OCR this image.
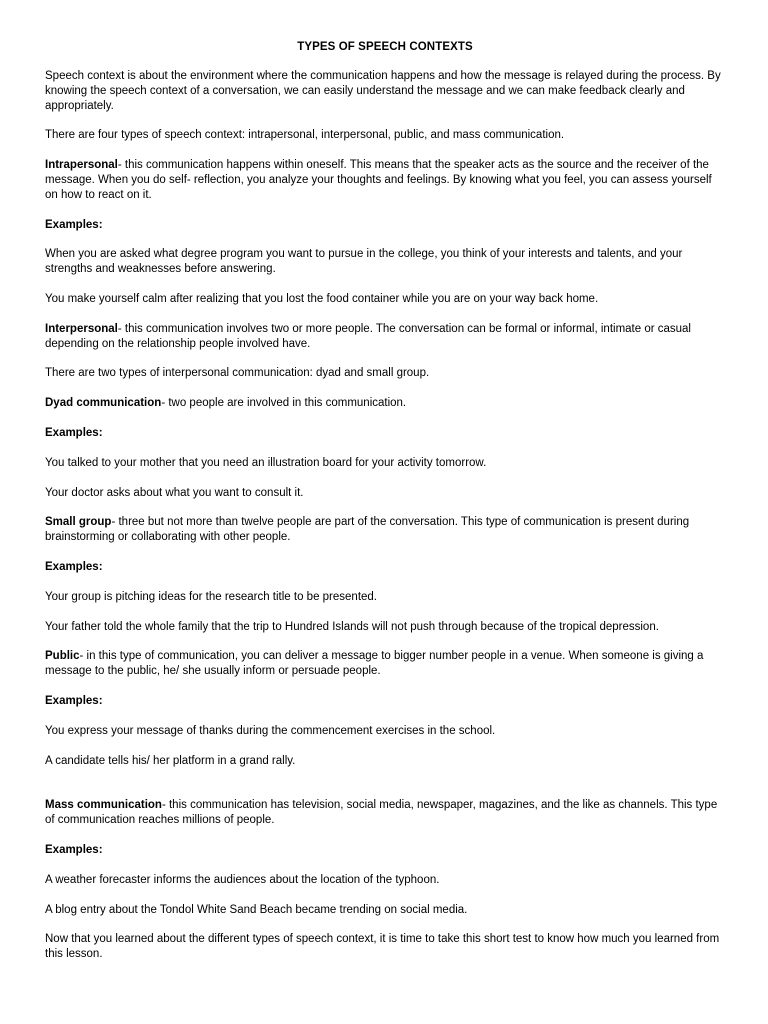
TYPES OF SPEECH CONTEXTS

Speech context is about the environment where the communication happens and how the message is relayed during the process. By knowing the speech context of a conversation, we can easily understand the message and we can make feedback clearly and appropriately.

There are four types of speech context: intrapersonal, interpersonal, public, and mass communication.

Intrapersonal- this communication happens within oneself. This means that the speaker acts as the source and the receiver of the message. When you do self- reflection, you analyze your thoughts and feelings. By knowing what you feel, you can assess yourself on how to react on it.

Examples:

When you are asked what degree program you want to pursue in the college, you think of your interests and talents, and your strengths and weaknesses before answering.

You make yourself calm after realizing that you lost the food container while you are on your way back home.

Interpersonal- this communication involves two or more people. The conversation can be formal or informal, intimate or casual depending on the relationship people involved have.

There are two types of interpersonal communication: dyad and small group.

Dyad communication- two people are involved in this communication.

Examples:

You talked to your mother that you need an illustration board for your activity tomorrow.

Your doctor asks about what you want to consult it.

Small group- three but not more than twelve people are part of the conversation. This type of communication is present during brainstorming or collaborating with other people.

Examples:

Your group is pitching ideas for the research title to be presented.

Your father told the whole family that the trip to Hundred Islands will not push through because of the tropical depression.

Public- in this type of communication, you can deliver a message to bigger number people in a venue. When someone is giving a message to the public, he/ she usually inform or persuade people.

Examples:

You express your message of thanks during the commencement exercises in the school.

A candidate tells his/ her platform in a grand rally.

Mass communication- this communication has television, social media, newspaper, magazines, and the like as channels. This type of communication reaches millions of people.

Examples:

A weather forecaster informs the audiences about the location of the typhoon.

A blog entry about the Tondol White Sand Beach became trending on social media.

Now that you learned about the different types of speech context, it is time to take this short test to know how much you learned from this lesson.
